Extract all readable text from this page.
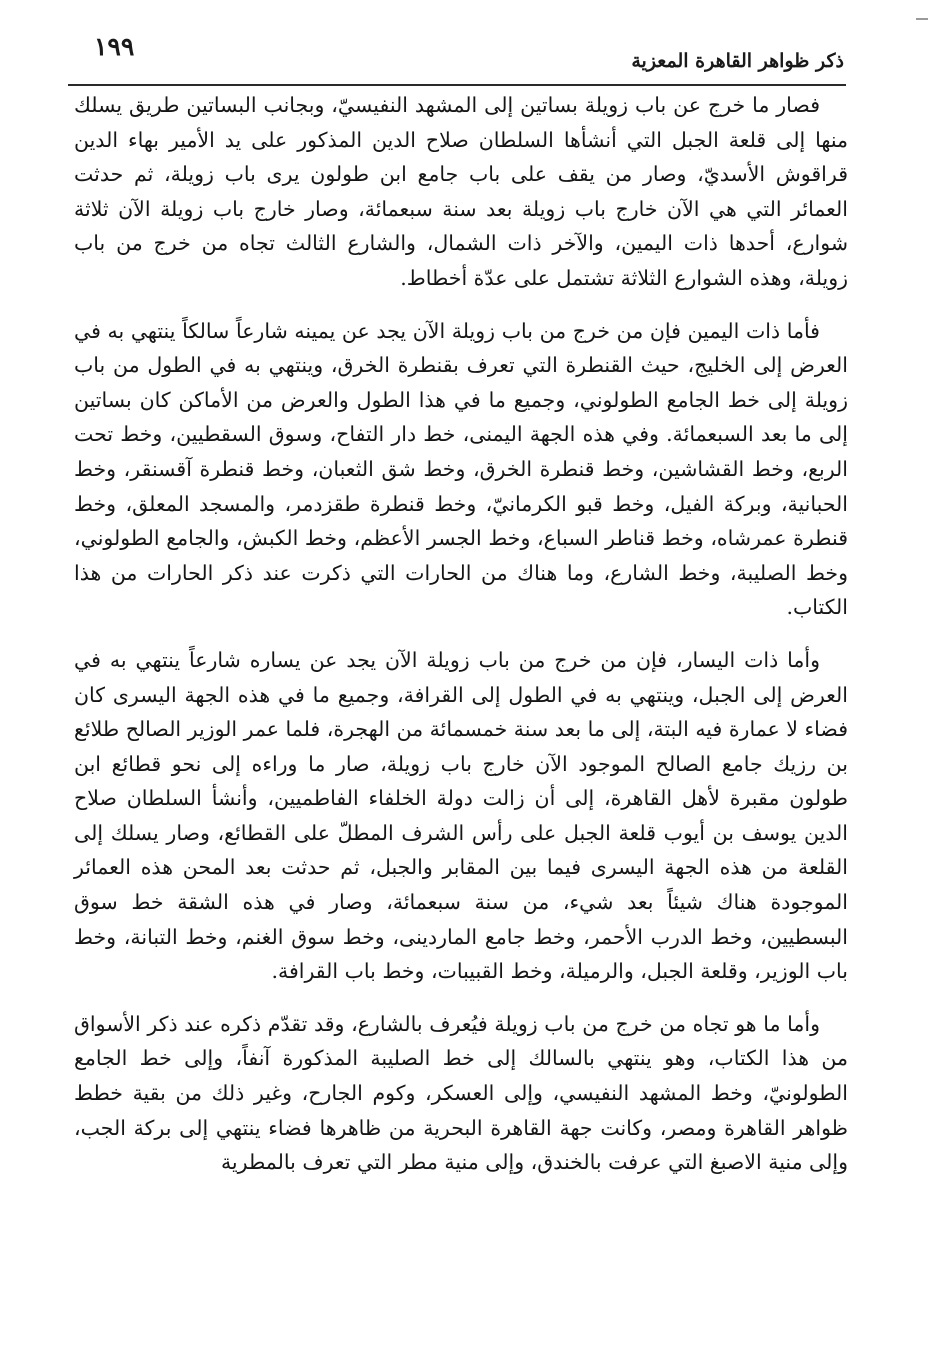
١٩٩	ذكر ظواهر القاهرة المعزية

فصار ما خرج عن باب زويلة بساتين إلى المشهد النفيسيّ، وبجانب البساتين طريق يسلك منها إلى قلعة الجبل التي أنشأها السلطان صلاح الدين المذكور على يد الأمير بهاء الدين قراقوش الأسديّ، وصار من يقف على باب جامع ابن طولون يرى باب زويلة، ثم حدثت العمائر التي هي الآن خارج باب زويلة بعد سنة سبعمائة، وصار خارج باب زويلة الآن ثلاثة شوارع، أحدها ذات اليمين، والآخر ذات الشمال، والشارع الثالث تجاه من خرج من باب زويلة، وهذه الشوارع الثلاثة تشتمل على عدّة أخطاط.

فأما ذات اليمين فإن من خرج من باب زويلة الآن يجد عن يمينه شارعاً سالكاً ينتهي به في العرض إلى الخليج، حيث القنطرة التي تعرف بقنطرة الخرق، وينتهي به في الطول من باب زويلة إلى خط الجامع الطولوني، وجميع ما في هذا الطول والعرض من الأماكن كان بساتين إلى ما بعد السبعمائة. وفي هذه الجهة اليمنى، خط دار التفاح، وسوق السقطيين، وخط تحت الربع، وخط القشاشين، وخط قنطرة الخرق، وخط شق الثعبان، وخط قنطرة آقسنقر، وخط الحبانية، وبركة الفيل، وخط قبو الكرمانيّ، وخط قنطرة طقزدمر، والمسجد المعلق، وخط قنطرة عمرشاه، وخط قناطر السباع، وخط الجسر الأعظم، وخط الكبش، والجامع الطولوني، وخط الصليبة، وخط الشارع، وما هناك من الحارات التي ذكرت عند ذكر الحارات من هذا الكتاب.

وأما ذات اليسار، فإن من خرج من باب زويلة الآن يجد عن يساره شارعاً ينتهي به في العرض إلى الجبل، وينتهي به في الطول إلى القرافة، وجميع ما في هذه الجهة اليسرى كان فضاء لا عمارة فيه البتة، إلى ما بعد سنة خمسمائة من الهجرة، فلما عمر الوزير الصالح طلائع بن رزيك جامع الصالح الموجود الآن خارج باب زويلة، صار ما وراءه إلى نحو قطائع ابن طولون مقبرة لأهل القاهرة، إلى أن زالت دولة الخلفاء الفاطميين، وأنشأ السلطان صلاح الدين يوسف بن أيوب قلعة الجبل على رأس الشرف المطلّ على القطائع، وصار يسلك إلى القلعة من هذه الجهة اليسرى فيما بين المقابر والجبل، ثم حدثت بعد المحن هذه العمائر الموجودة هناك شيئاً بعد شيء، من سنة سبعمائة، وصار في هذه الشقة خط سوق البسطيين، وخط الدرب الأحمر، وخط جامع الماردينى، وخط سوق الغنم، وخط التبانة، وخط باب الوزير، وقلعة الجبل، والرميلة، وخط القبيبات، وخط باب القرافة.

وأما ما هو تجاه من خرج من باب زويلة فيُعرف بالشارع، وقد تقدّم ذكره عند ذكر الأسواق من هذا الكتاب، وهو ينتهي بالسالك إلى خط الصليبة المذكورة آنفاً، وإلى خط الجامع الطولونيّ، وخط المشهد النفيسي، وإلى العسكر، وكوم الجارح، وغير ذلك من بقية خطط ظواهر القاهرة ومصر، وكانت جهة القاهرة البحرية من ظاهرها فضاء ينتهي إلى بركة الجب، وإلى منية الاصبغ التي عرفت بالخندق، وإلى منية مطر التي تعرف بالمطرية
